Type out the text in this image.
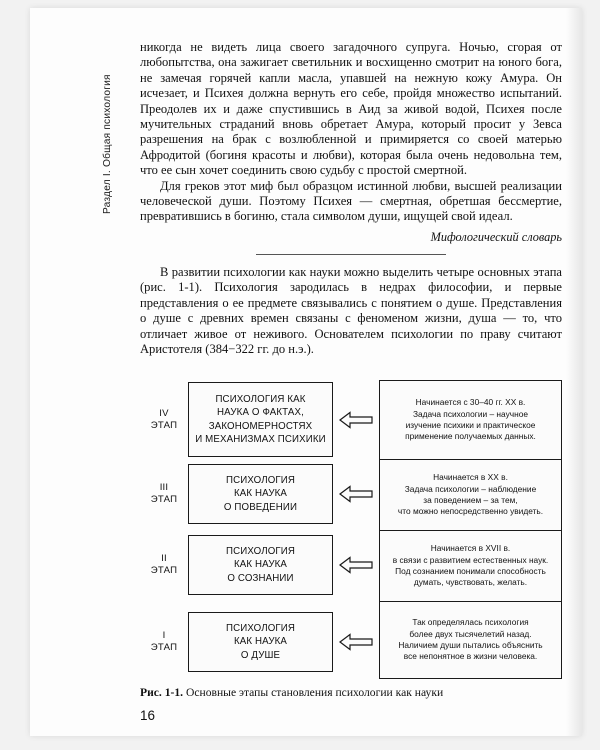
Раздел I. Общая психология

никогда не видеть лица своего загадочного супруга. Ночью, сгорая от любопытства, она зажигает светильник и восхищенно смотрит на юного бога, не замечая горячей капли масла, упавшей на нежную кожу Амура. Он исчезает, и Психея должна вернуть его себе, пройдя множество испытаний. Преодолев их и даже спустившись в Аид за живой водой, Психея после мучительных страданий вновь обретает Амура, который просит у Зевса разрешения на брак с возлюбленной и примиряется со своей матерью Афродитой (богиня красоты и любви), которая была очень недовольна тем, что ее сын хочет соединить свою судьбу с простой смертной.

Для греков этот миф был образцом истинной любви, высшей реализации человеческой души. Поэтому Психея — смертная, обретшая бессмертие, превратившись в богиню, стала символом души, ищущей свой идеал.

Мифологический словарь

В развитии психологии как науки можно выделить четыре основных этапа (рис. 1-1). Психология зародилась в недрах философии, и первые представления о ее предмете связывались с понятием о душе. Представления о душе с древних времен связаны с феноменом жизни, душа — то, что отличает живое от неживого. Основателем психологии по праву считают Аристотеля (384−322 гг. до н.э.).

Начинается с 30–40 гг. XX в.
Задача психологии – научное
изучение психики и практическое
применение получаемых данных.
Начинается в XX в.
Задача психологии – наблюдение
за поведением – за тем,
что можно непосредственно увидеть.
Начинается в XVII в.
в связи с развитием естественных наук.
Под сознанием понимали способность
думать, чувствовать, желать.
Так определялась психология
более двух тысячелетий назад.
Наличием души пытались объяснить
все непонятное в жизни человека.
IV
ЭТАП
ПСИХОЛОГИЯ КАК
НАУКА О ФАКТАХ,
ЗАКОНОМЕРНОСТЯХ
И МЕХАНИЗМАХ ПСИХИКИ
III
ЭТАП
ПСИХОЛОГИЯ
КАК НАУКА
О ПОВЕДЕНИИ
II
ЭТАП
ПСИХОЛОГИЯ
КАК НАУКА
О СОЗНАНИИ
I
ЭТАП
ПСИХОЛОГИЯ
КАК НАУКА
О ДУШЕ
Рис. 1-1. Основные этапы становления психологии как науки
16
